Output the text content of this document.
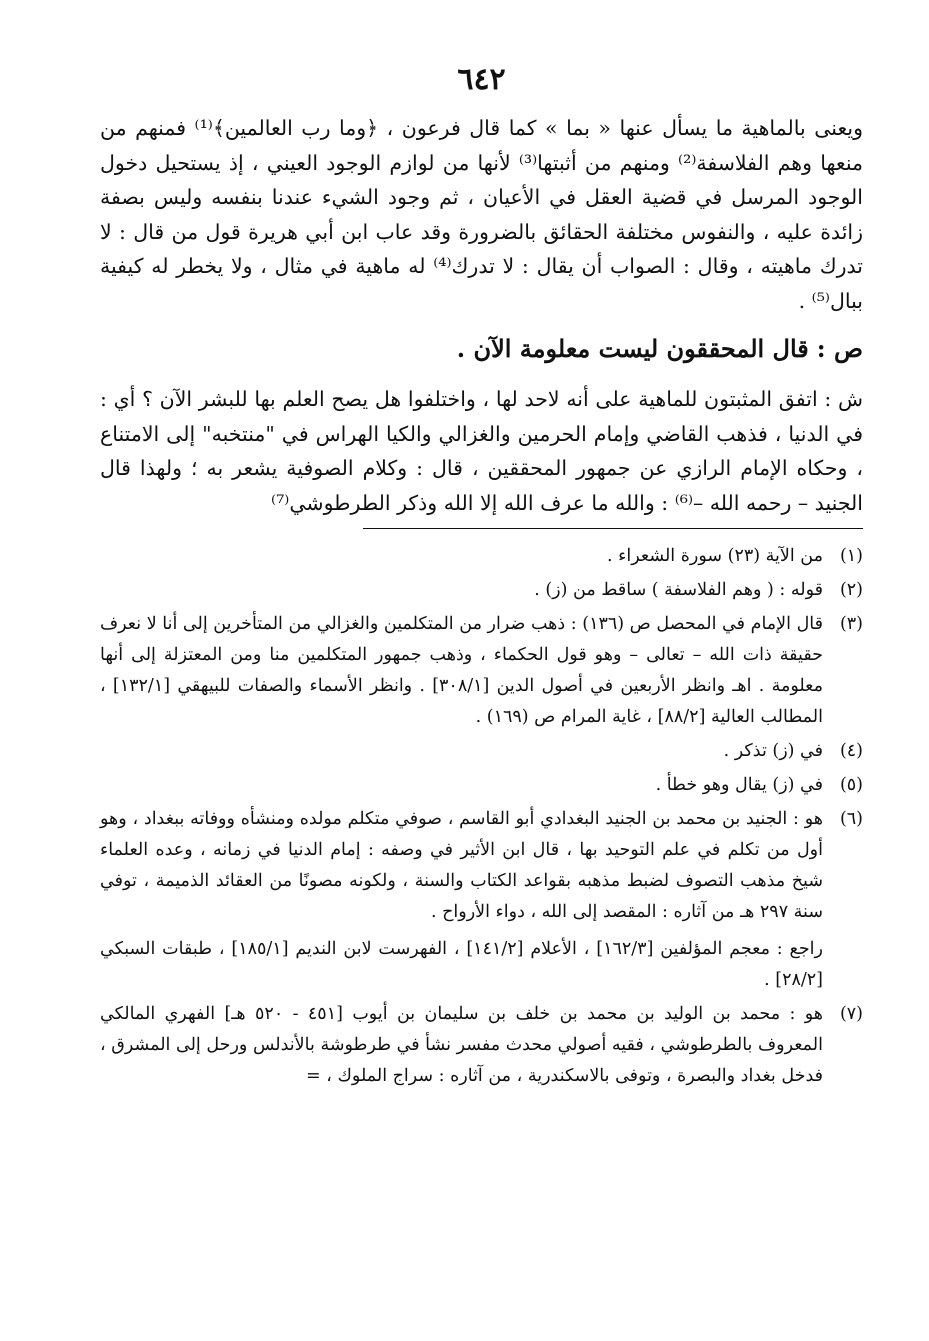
٦٤٢

ويعنى بالماهية ما يسأل عنها « بما » كما قال فرعون ، ﴿وما رب العالمين﴾⁽¹⁾ فمنهم من منعها وهم الفلاسفة⁽²⁾ ومنهم من أثبتها⁽³⁾ لأنها من لوازم الوجود العيني ، إذ يستحيل دخول الوجود المرسل في قضية العقل في الأعيان ، ثم وجود الشيء عندنا بنفسه وليس بصفة زائدة عليه ، والنفوس مختلفة الحقائق بالضرورة وقد عاب ابن أبي هريرة قول من قال : لا تدرك ماهيته ، وقال : الصواب أن يقال : لا تدرك⁽⁴⁾ له ماهية في مثال ، ولا يخطر له كيفية ببال⁽⁵⁾ .

ص :قال المحققون ليست معلومة الآن .

ش : اتفق المثبتون للماهية على أنه لاحد لها ، واختلفوا هل يصح العلم بها للبشر الآن ؟ أي : في الدنيا ، فذهب القاضي وإمام الحرمين والغزالي والكيا الهراس في "منتخبه" إلى الامتناع ، وحكاه الإمام الرازي عن جمهور المحققين ، قال : وكلام الصوفية يشعر به ؛ ولهذا قال الجنيد – رحمه الله –⁽⁶⁾ : والله ما عرف الله إلا الله وذكر الطرطوشي⁽⁷⁾

(١)

من الآية (٢٣) سورة الشعراء .

(٢)

قوله : ( وهم الفلاسفة ) ساقط من (ز) .

(٣)

قال الإمام في المحصل ص (١٣٦) : ذهب ضرار من المتكلمين والغزالي من المتأخرين إلى أنا لا نعرف حقيقة ذات الله – تعالى – وهو قول الحكماء ، وذهب جمهور المتكلمين منا ومن المعتزلة إلى أنها معلومة . اهـ وانظر الأربعين في أصول الدين [٣٠٨/١] . وانظر الأسماء والصفات للبيهقي [١٣٢/١] ، المطالب العالية [٨٨/٢] ، غاية المرام ص (١٦٩) .

(٤)

في (ز) تذكر .

(٥)

في (ز) يقال وهو خطأ .

(٦)

هو : الجنيد بن محمد بن الجنيد البغدادي أبو القاسم ، صوفي متكلم مولده ومنشأه ووفاته ببغداد ، وهو أول من تكلم في علم التوحيد بها ، قال ابن الأثير في وصفه : إمام الدنيا في زمانه ، وعده العلماء شيخ مذهب التصوف لضبط مذهبه بقواعد الكتاب والسنة ، ولكونه مصونًا من العقائد الذميمة ، توفي سنة ٢٩٧ هـ من آثاره : المقصد إلى الله ، دواء الأرواح .

راجع : معجم المؤلفين [١٦٢/٣] ، الأعلام [١٤١/٢] ، الفهرست لابن النديم [١٨٥/١] ، طبقات السبكي [٢٨/٢] .

(٧)

هو : محمد بن الوليد بن محمد بن خلف بن سليمان بن أيوب [٤٥١ - ٥٢٠ هـ] الفهري المالكي المعروف بالطرطوشي ، فقيه أصولي محدث مفسر نشأ في طرطوشة بالأندلس ورحل إلى المشرق ، فدخل بغداد والبصرة ، وتوفى بالاسكندرية ، من آثاره : سراج الملوك ، =
